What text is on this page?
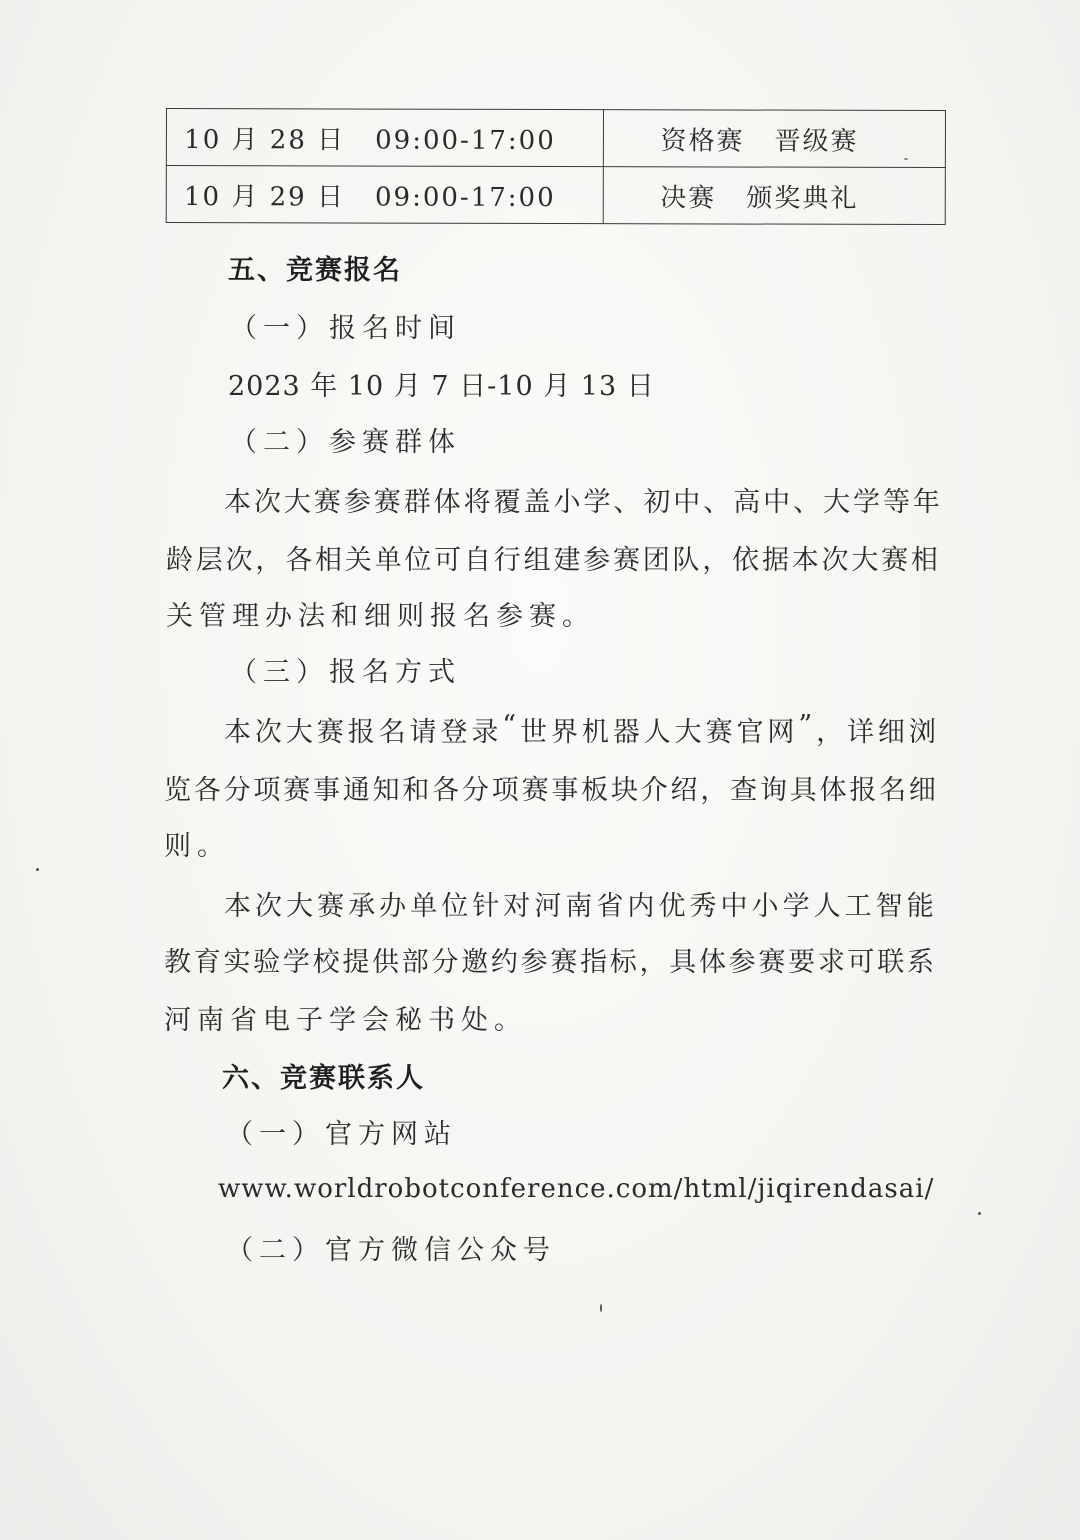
10 月 28 日 09:00-17:00	资格赛 晋级赛
10 月 29 日 09:00-17:00	决赛 颁奖典礼
五、竞赛报名
（一）报名时间
2023 年 10 月 7 日-10 月 13 日
（二）参赛群体
本 次 大 赛 参 赛 群 体 将 覆 盖 小 学 、 初 中 、 高 中 、 大 学 等 年
龄 层 次 ， 各 相 关 单 位 可 自 行 组 建 参 赛 团 队 ， 依 据 本 次 大 赛 相
关管理办法和细则报名参赛。
（三）报名方式
本 次 大 赛 报 名 请 登 录 “ 世 界 机 器 人 大 赛 官 网 ” ， 详 细 浏
览 各 分 项 赛 事 通 知 和 各 分 项 赛 事 板 块 介 绍 ， 查 询 具 体 报 名 细
则。
本 次 大 赛 承 办 单 位 针 对 河 南 省 内 优 秀 中 小 学 人 工 智 能
教 育 实 验 学 校 提 供 部 分 邀 约 参 赛 指 标 ， 具 体 参 赛 要 求 可 联 系
河南省电子学会秘书处。
六、竞赛联系人
（一）官方网站
www.worldrobotconference.com/html/jiqirendasai/
（二）官方微信公众号
